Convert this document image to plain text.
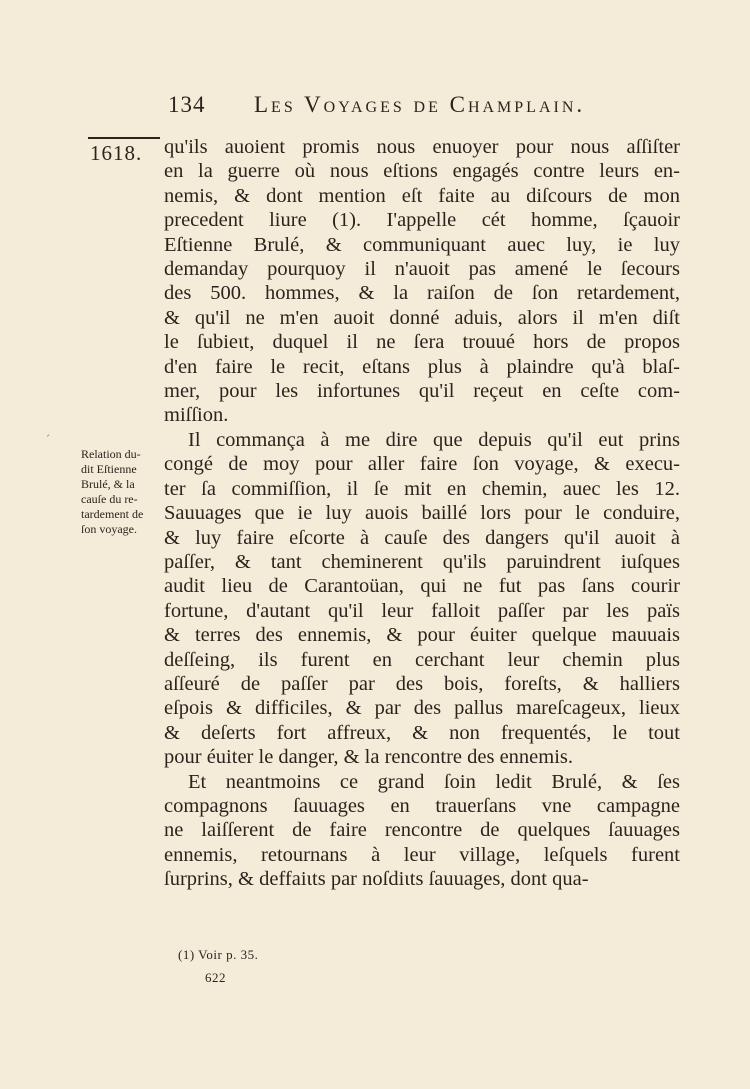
134 Les Voyages de Champlain.
1618.
ˊ
Relation du-
dit Eſtienne
Brulé, & la
cauſe du re-
tardement de
ſon voyage.
qu'ils auoient promis nous enuoyer pour nous aſſiſter
en la guerre où nous eſtions engagés contre leurs en-
nemis, & dont mention eſt faite au diſcours de mon
precedent liure (1). I'appelle cét homme, ſçauoir
Eſtienne Brulé, & communiquant auec luy, ie luy
demanday pourquoy il n'auoit pas amené le ſecours
des 500. hommes, & la raiſon de ſon retardement,
& qu'il ne m'en auoit donné aduis, alors il m'en diſt
le ſubieɩt, duquel il ne ſera trouué hors de propos
d'en faire le recit, eſtans plus à plaindre qu'à blaſ-
mer, pour les infortunes qu'il reçeut en ceſte com-
miſſion.
Il commança à me dire que depuis qu'il eut prins
congé de moy pour aller faire ſon voyage, & execu-
ter ſa commiſſion, il ſe mit en chemin, auec les 12.
Sauuages que ie luy auois baillé lors pour le conduire,
& luy faire eſcorte à cauſe des dangers qu'il auoit à
paſſer, & tant cheminerent qu'ils paruindrent iuſques
audit lieu de Carantoüan, qui ne fut pas ſans courir
fortune, d'autant qu'il leur falloit paſſer par les païs
& terres des ennemis, & pour éuiter quelque mauuais
deſſeing, ils furent en cerchant leur chemin plus
aſſeuré de paſſer par des bois, foreſts, & halliers
eſpois & difficiles, & par des pallus mareſcageux, lieux
& deſerts fort affreux, & non frequentés, le tout
pour éuiter le danger, & la rencontre des ennemis.
Et neantmoins ce grand ſoin ledit Brulé, & ſes
compagnons ſauuages en trauerſans vne campagne
ne laiſſerent de faire rencontre de quelques ſauuages
ennemis, retournans à leur village, leſquels furent
ſurprins, & deffaiɩts par noſdiɩts ſauuages, dont qua-
(1) Voir p. 35.
622
